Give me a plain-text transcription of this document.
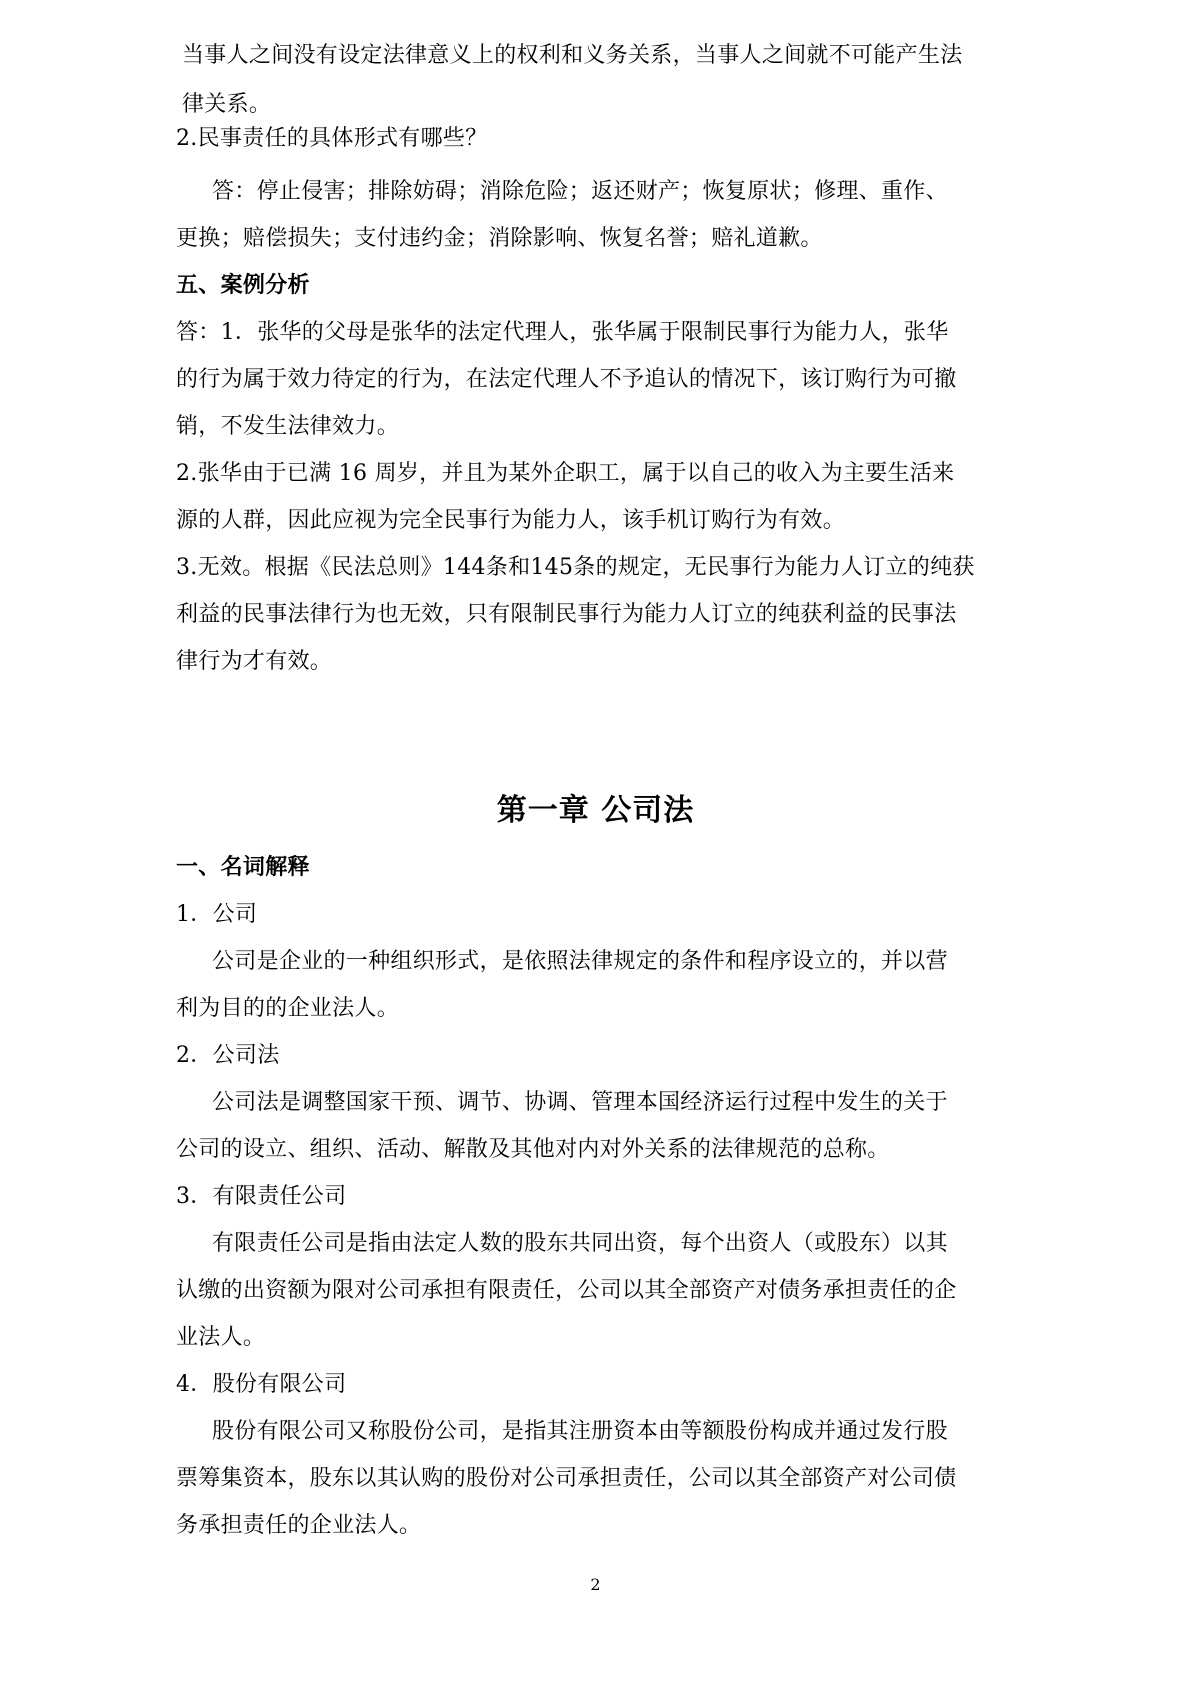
当事人之间没有设定法律意义上的权利和义务关系，当事人之间就不可能产生法
律关系。
2.民事责任的具体形式有哪些？
答：停止侵害；排除妨碍；消除危险；返还财产；恢复原状；修理、重作、
更换；赔偿损失；支付违约金；消除影响、恢复名誉；赔礼道歉。
五、案例分析
答：1．张华的父母是张华的法定代理人，张华属于限制民事行为能力人，张华
的行为属于效力待定的行为，在法定代理人不予追认的情况下，该订购行为可撤
销，不发生法律效力。
2.张华由于已满 16 周岁，并且为某外企职工，属于以自己的收入为主要生活来
源的人群，因此应视为完全民事行为能力人，该手机订购行为有效。
3.无效。根据《民法总则》144条和145条的规定，无民事行为能力人订立的纯获
利益的民事法律行为也无效，只有限制民事行为能力人订立的纯获利益的民事法
律行为才有效。
第一章 公司法
一、名词解释
1．公司
公司是企业的一种组织形式，是依照法律规定的条件和程序设立的，并以营
利为目的的企业法人。
2．公司法
公司法是调整国家干预、调节、协调、管理本国经济运行过程中发生的关于
公司的设立、组织、活动、解散及其他对内对外关系的法律规范的总称。
3．有限责任公司
有限责任公司是指由法定人数的股东共同出资，每个出资人（或股东）以其
认缴的出资额为限对公司承担有限责任，公司以其全部资产对债务承担责任的企
业法人。
4．股份有限公司
股份有限公司又称股份公司，是指其注册资本由等额股份构成并通过发行股
票筹集资本，股东以其认购的股份对公司承担责任，公司以其全部资产对公司债
务承担责任的企业法人。
2
